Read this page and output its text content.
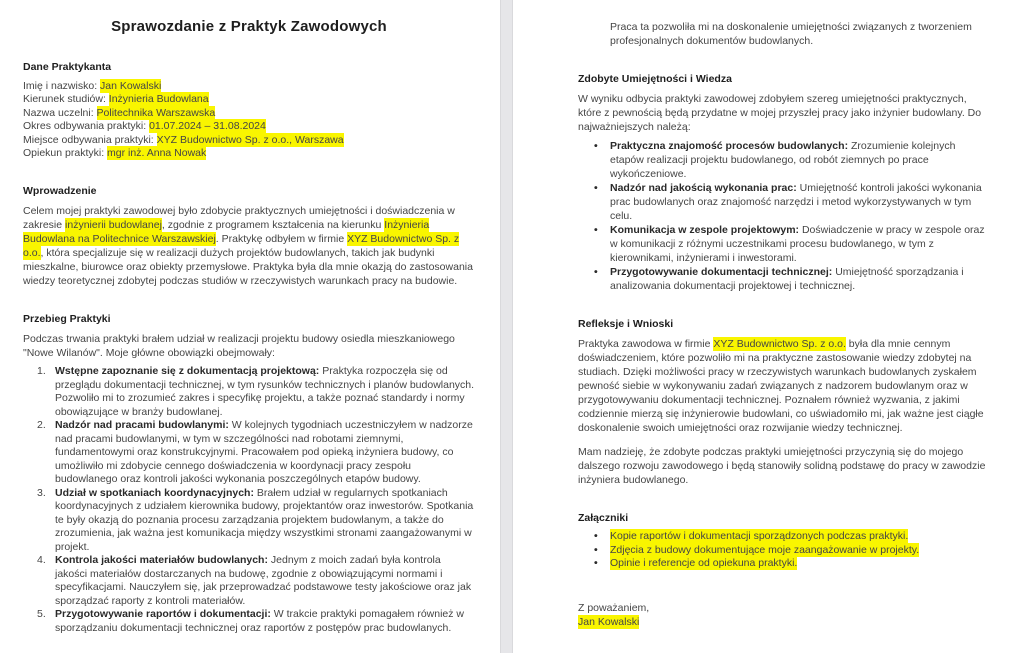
Sprawozdanie z Praktyk Zawodowych
Dane Praktykanta

Imię i nazwisko: Jan Kowalski

Kierunek studiów: Inżynieria Budowlana

Nazwa uczelni: Politechnika Warszawska

Okres odbywania praktyki: 01.07.2024 – 31.08.2024

Miejsce odbywania praktyki: XYZ Budownictwo Sp. z o.o., Warszawa

Opiekun praktyki: mgr inż. Anna Nowak

Wprowadzenie

Celem mojej praktyki zawodowej było zdobycie praktycznych umiejętności i doświadczenia w zakresie inżynierii budowlanej, zgodnie z programem kształcenia na kierunku Inżynieria Budowlana na Politechnice Warszawskiej. Praktykę odbyłem w firmie XYZ Budownictwo Sp. z o.o., która specjalizuje się w realizacji dużych projektów budowlanych, takich jak budynki mieszkalne, biurowce oraz obiekty przemysłowe. Praktyka była dla mnie okazją do zastosowania wiedzy teoretycznej zdobytej podczas studiów w rzeczywistych warunkach pracy na budowie.

Przebieg Praktyki

Podczas trwania praktyki brałem udział w realizacji projektu budowy osiedla mieszkaniowego "Nowe Wilanów". Moje główne obowiązki obejmowały:

Wstępne zapoznanie się z dokumentacją projektową: Praktyka rozpoczęła się od przeglądu dokumentacji technicznej, w tym rysunków technicznych i planów budowlanych. Pozwoliło mi to zrozumieć zakres i specyfikę projektu, a także poznać standardy i normy obowiązujące w branży budowlanej.
Nadzór nad pracami budowlanymi: W kolejnych tygodniach uczestniczyłem w nadzorze nad pracami budowlanymi, w tym w szczególności nad robotami ziemnymi, fundamentowymi oraz konstrukcyjnymi. Pracowałem pod opieką inżyniera budowy, co umożliwiło mi zdobycie cennego doświadczenia w koordynacji pracy zespołu budowlanego oraz kontroli jakości wykonania poszczególnych etapów budowy.
Udział w spotkaniach koordynacyjnych: Brałem udział w regularnych spotkaniach koordynacyjnych z udziałem kierownika budowy, projektantów oraz inwestorów. Spotkania te były okazją do poznania procesu zarządzania projektem budowlanym, a także do zrozumienia, jak ważna jest komunikacja między wszystkimi stronami zaangażowanymi w projekt.
Kontrola jakości materiałów budowlanych: Jednym z moich zadań była kontrola jakości materiałów dostarczanych na budowę, zgodnie z obowiązującymi normami i specyfikacjami. Nauczyłem się, jak przeprowadzać podstawowe testy jakościowe oraz jak sporządzać raporty z kontroli materiałów.
Przygotowywanie raportów i dokumentacji: W trakcie praktyki pomagałem również w sporządzaniu dokumentacji technicznej oraz raportów z postępów prac budowlanych.

Praca ta pozwoliła mi na doskonalenie umiejętności związanych z tworzeniem profesjonalnych dokumentów budowlanych.

Zdobyte Umiejętności i Wiedza

W wyniku odbycia praktyki zawodowej zdobyłem szereg umiejętności praktycznych, które z pewnością będą przydatne w mojej przyszłej pracy jako inżynier budowlany. Do najważniejszych należą:

• Praktyczna znajomość procesów budowlanych: Zrozumienie kolejnych etapów realizacji projektu budowlanego, od robót ziemnych po prace wykończeniowe.
• Nadzór nad jakością wykonania prac: Umiejętność kontroli jakości wykonania prac budowlanych oraz znajomość narzędzi i metod wykorzystywanych w tym celu.
• Komunikacja w zespole projektowym: Doświadczenie w pracy w zespole oraz w komunikacji z różnymi uczestnikami procesu budowlanego, w tym z kierownikami, inżynierami i inwestorami.
• Przygotowywanie dokumentacji technicznej: Umiejętność sporządzania i analizowania dokumentacji projektowej i technicznej.
Refleksje i Wnioski

Praktyka zawodowa w firmie XYZ Budownictwo Sp. z o.o. była dla mnie cennym doświadczeniem, które pozwoliło mi na praktyczne zastosowanie wiedzy zdobytej na studiach. Dzięki możliwości pracy w rzeczywistych warunkach budowlanych zyskałem pewność siebie w wykonywaniu zadań związanych z nadzorem budowlanym oraz w przygotowywaniu dokumentacji technicznej. Poznałem również wyzwania, z jakimi codziennie mierzą się inżynierowie budowlani, co uświadomiło mi, jak ważne jest ciągłe doskonalenie swoich umiejętności oraz rozwijanie wiedzy technicznej.

Mam nadzieję, że zdobyte podczas praktyki umiejętności przyczynią się do mojego dalszego rozwoju zawodowego i będą stanowiły solidną podstawę do pracy w zawodzie inżyniera budowlanego.

Załączniki
• Kopie raportów i dokumentacji sporządzonych podczas praktyki.
• Zdjęcia z budowy dokumentujące moje zaangażowanie w projekty.
• Opinie i referencje od opiekuna praktyki.

Z poważaniem,

Jan Kowalski
